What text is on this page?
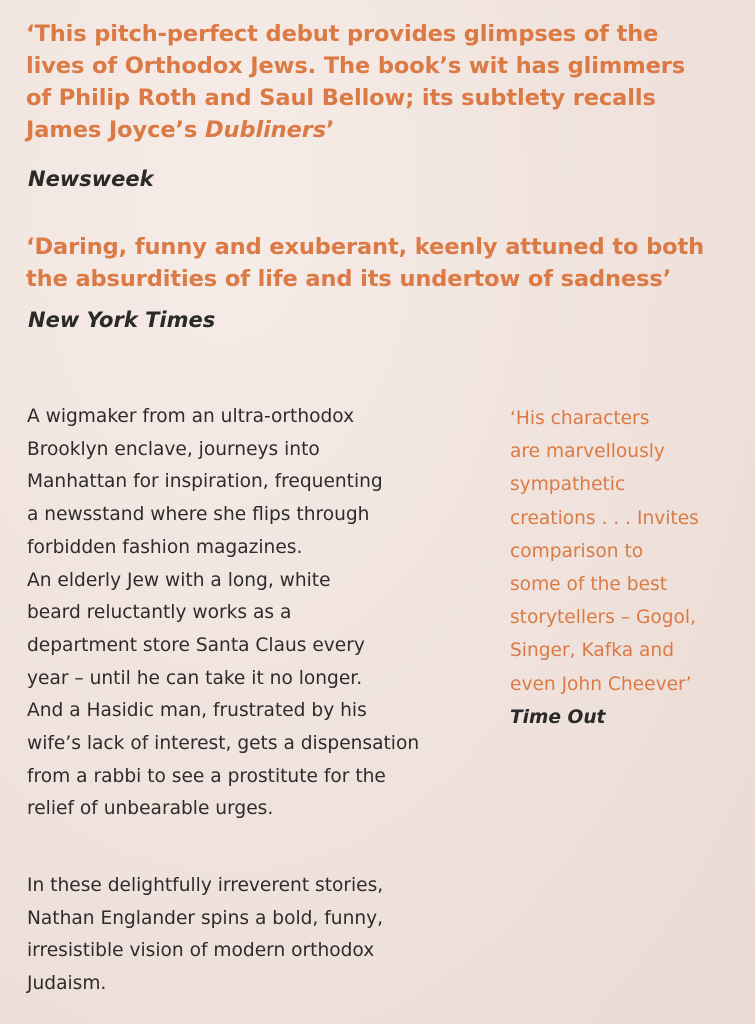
‘This pitch-perfect debut provides glimpses of the
lives of Orthodox Jews. The book’s wit has glimmers
of Philip Roth and Saul Bellow; its subtlety recalls
James Joyce’s Dubliners’
Newsweek
‘Daring, funny and exuberant, keenly attuned to both
the absurdities of life and its undertow of sadness’
New York Times
A wigmaker from an ultra-orthodox
Brooklyn enclave, journeys into
Manhattan for inspiration, frequenting
a newsstand where she flips through
forbidden fashion magazines.
An elderly Jew with a long, white
beard reluctantly works as a
department store Santa Claus every
year – until he can take it no longer.
And a Hasidic man, frustrated by his
wife’s lack of interest, gets a dispensation
from a rabbi to see a prostitute for the
relief of unbearable urges.
In these delightfully irreverent stories,
Nathan Englander spins a bold, funny,
irresistible vision of modern orthodox
Judaism.
‘His characters
are marvellously
sympathetic
creations . . . Invites
comparison to
some of the best
storytellers – Gogol,
Singer, Kafka and
even John Cheever’
Time Out
